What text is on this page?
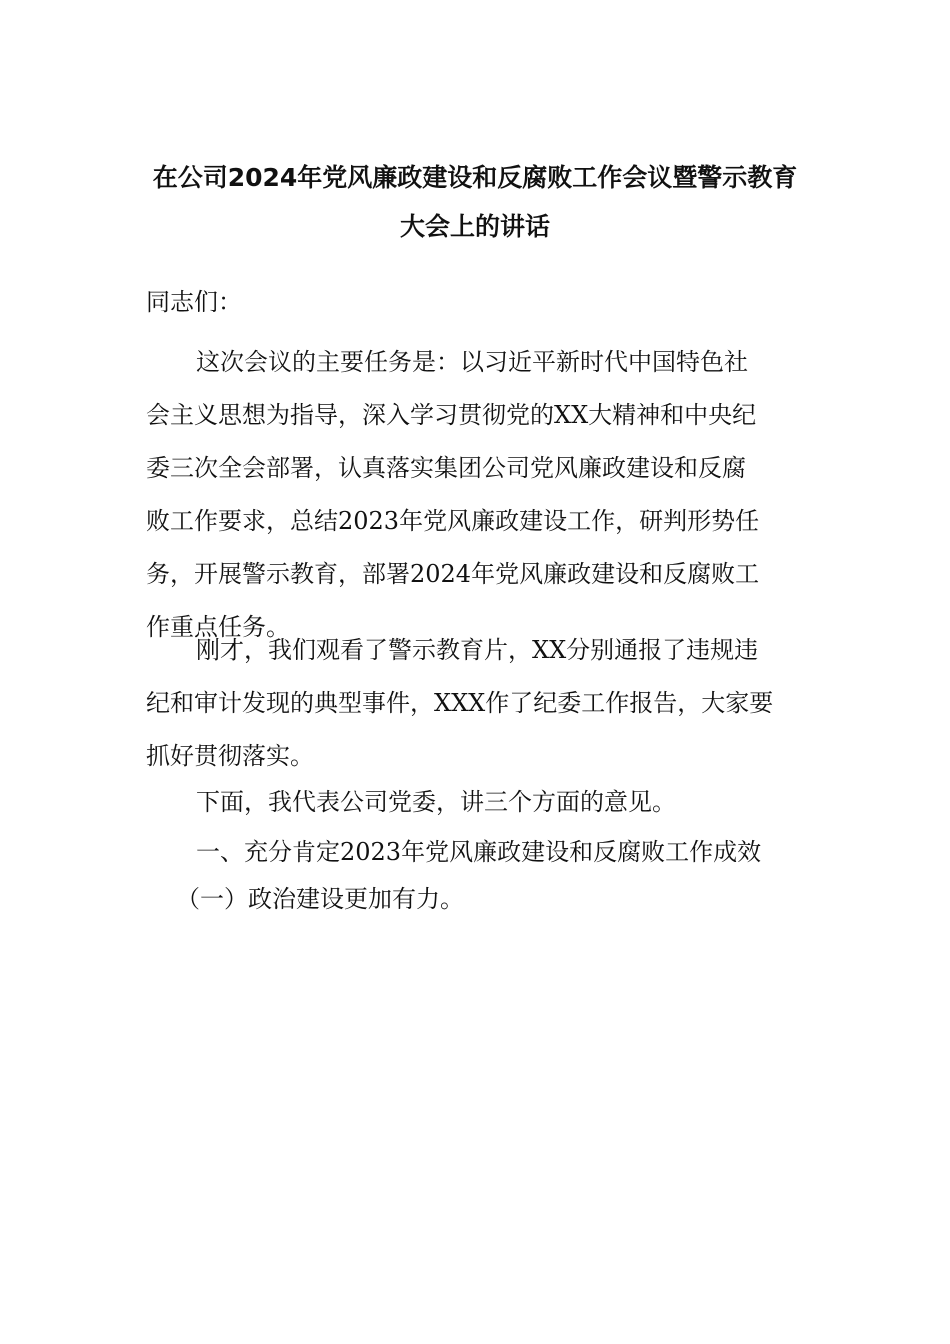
在公司2024年党风廉政建设和反腐败工作会议暨警示教育
大会上的讲话
同志们：
这次会议的主要任务是：以习近平新时代中国特色社
会主义思想为指导，深入学习贯彻党的XX大精神和中央纪
委三次全会部署，认真落实集团公司党风廉政建设和反腐
败工作要求，总结2023年党风廉政建设工作，研判形势任
务，开展警示教育，部署2024年党风廉政建设和反腐败工
作重点任务。
刚才，我们观看了警示教育片，XX分别通报了违规违
纪和审计发现的典型事件，XXX作了纪委工作报告，大家要
抓好贯彻落实。
下面，我代表公司党委，讲三个方面的意见。
一、充分肯定2023年党风廉政建设和反腐败工作成效
（一）政治建设更加有力。
